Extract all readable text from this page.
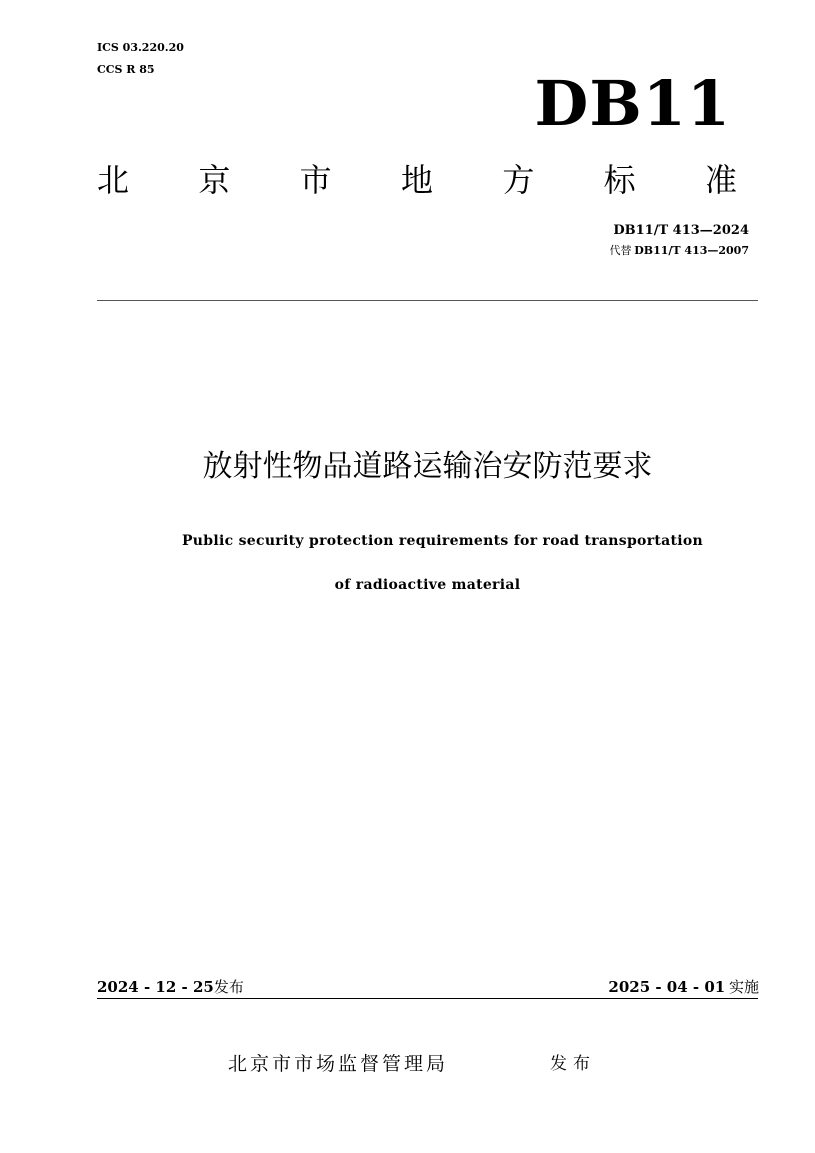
ICS 03.220.20
CCS R 85	DB11
北 京 市 地 方 标 准
DB11/T 413—2024
代替 DB11/T 413—2007
放射性物品道路运输治安防范要求
Public security protection requirements for road transportation
of radioactive material
2024 - 12 - 25发布	2025 - 04 - 01 实施
北京市市场监督管理局	发布
